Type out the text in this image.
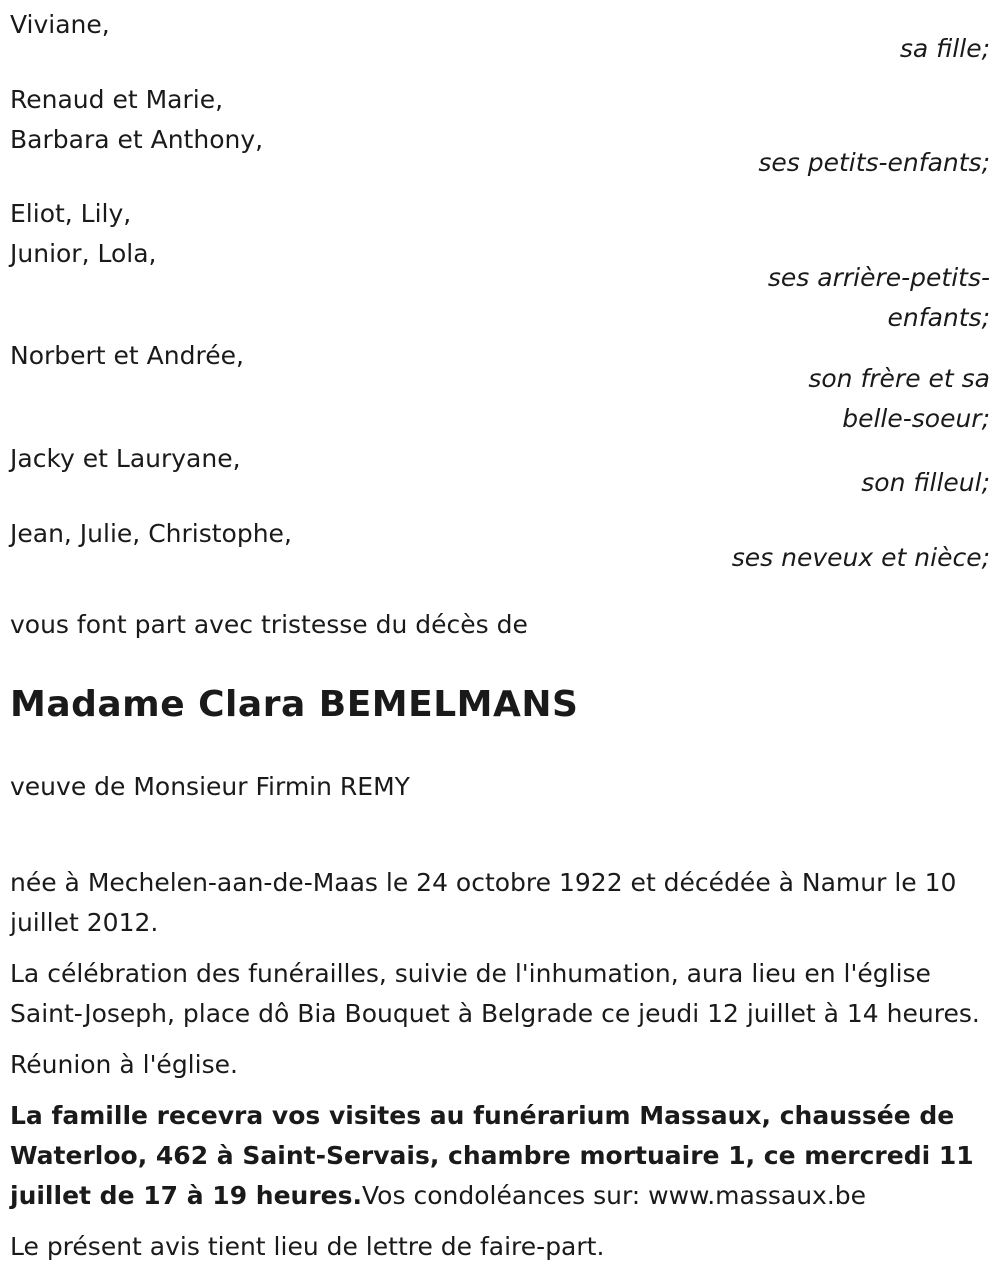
Viviane,
sa fille;
Renaud et Marie,
Barbara et Anthony,
ses petits-enfants;
Eliot, Lily,
Junior, Lola,
ses arrière-petits-
enfants;
Norbert et Andrée,
son frère et sa
belle-soeur;
Jacky et Lauryane,
son filleul;
Jean, Julie, Christophe,
ses neveux et nièce;

vous font part avec tristesse du décès de

Madame Clara BEMELMANS

veuve de Monsieur Firmin REMY

née à Mechelen-aan-de-Maas le 24 octobre 1922 et décédée à Namur le 10 juillet 2012.

La célébration des funérailles, suivie de l'inhumation, aura lieu en l'église Saint-Joseph, place dô Bia Bouquet à Belgrade ce jeudi 12 juillet à 14 heures.

Réunion à l'église.

La famille recevra vos visites au funérarium Massaux, chaussée de Waterloo, 462 à Saint-Servais, chambre mortuaire 1, ce mercredi 11 juillet de 17 à 19 heures.Vos condoléances sur: www.massaux.be

Le présent avis tient lieu de lettre de faire-part.
